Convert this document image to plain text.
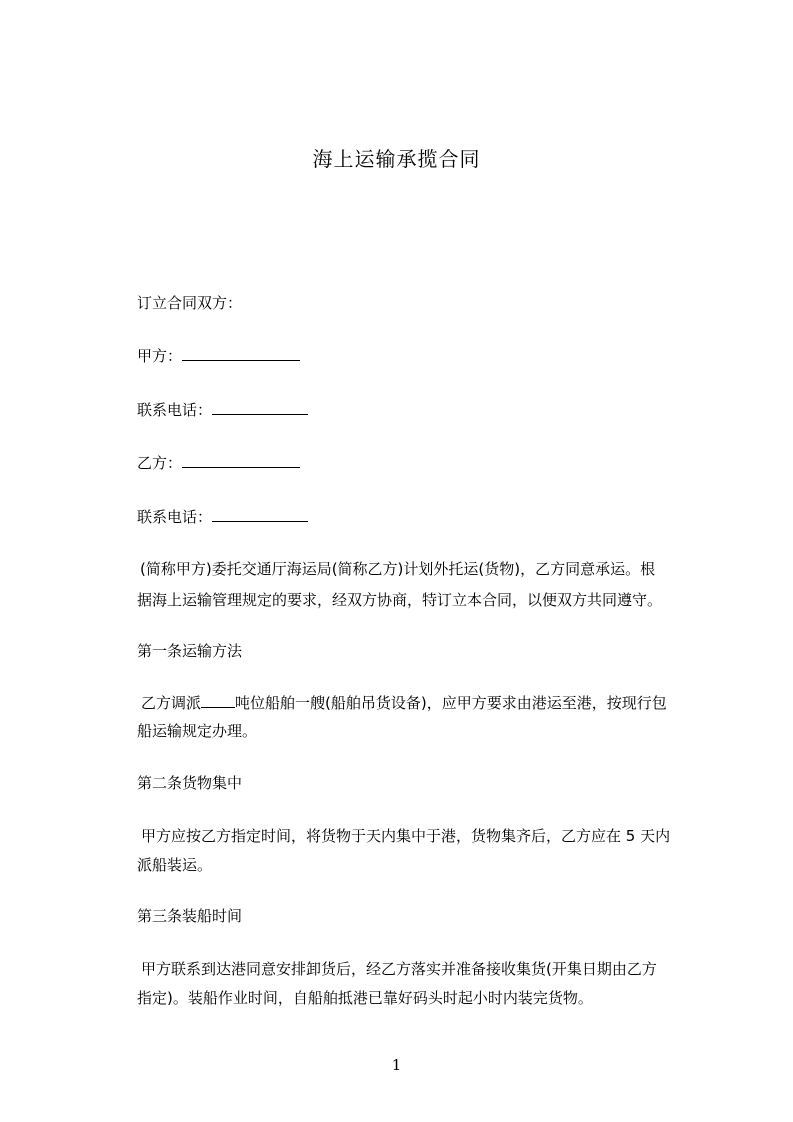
海上运输承揽合同
订立合同双方：
甲方：
联系电话：
乙方：
联系电话：
(简称甲方)委托交通厅海运局(简称乙方)计划外托运(货物)，乙方同意承运。根
据海上运输管理规定的要求，经双方协商，特订立本合同，以便双方共同遵守。
第一条运输方法
乙方调派 吨位船舶一艘(船舶吊货设备)，应甲方要求由港运至港，按现行包
船运输规定办理。
第二条货物集中
甲方应按乙方指定时间，将货物于天内集中于港，货物集齐后，乙方应在 5 天内
派船装运。
第三条装船时间
甲方联系到达港同意安排卸货后，经乙方落实并准备接收集货(开集日期由乙方
指定)。装船作业时间，自船舶抵港已靠好码头时起小时内装完货物。
1
